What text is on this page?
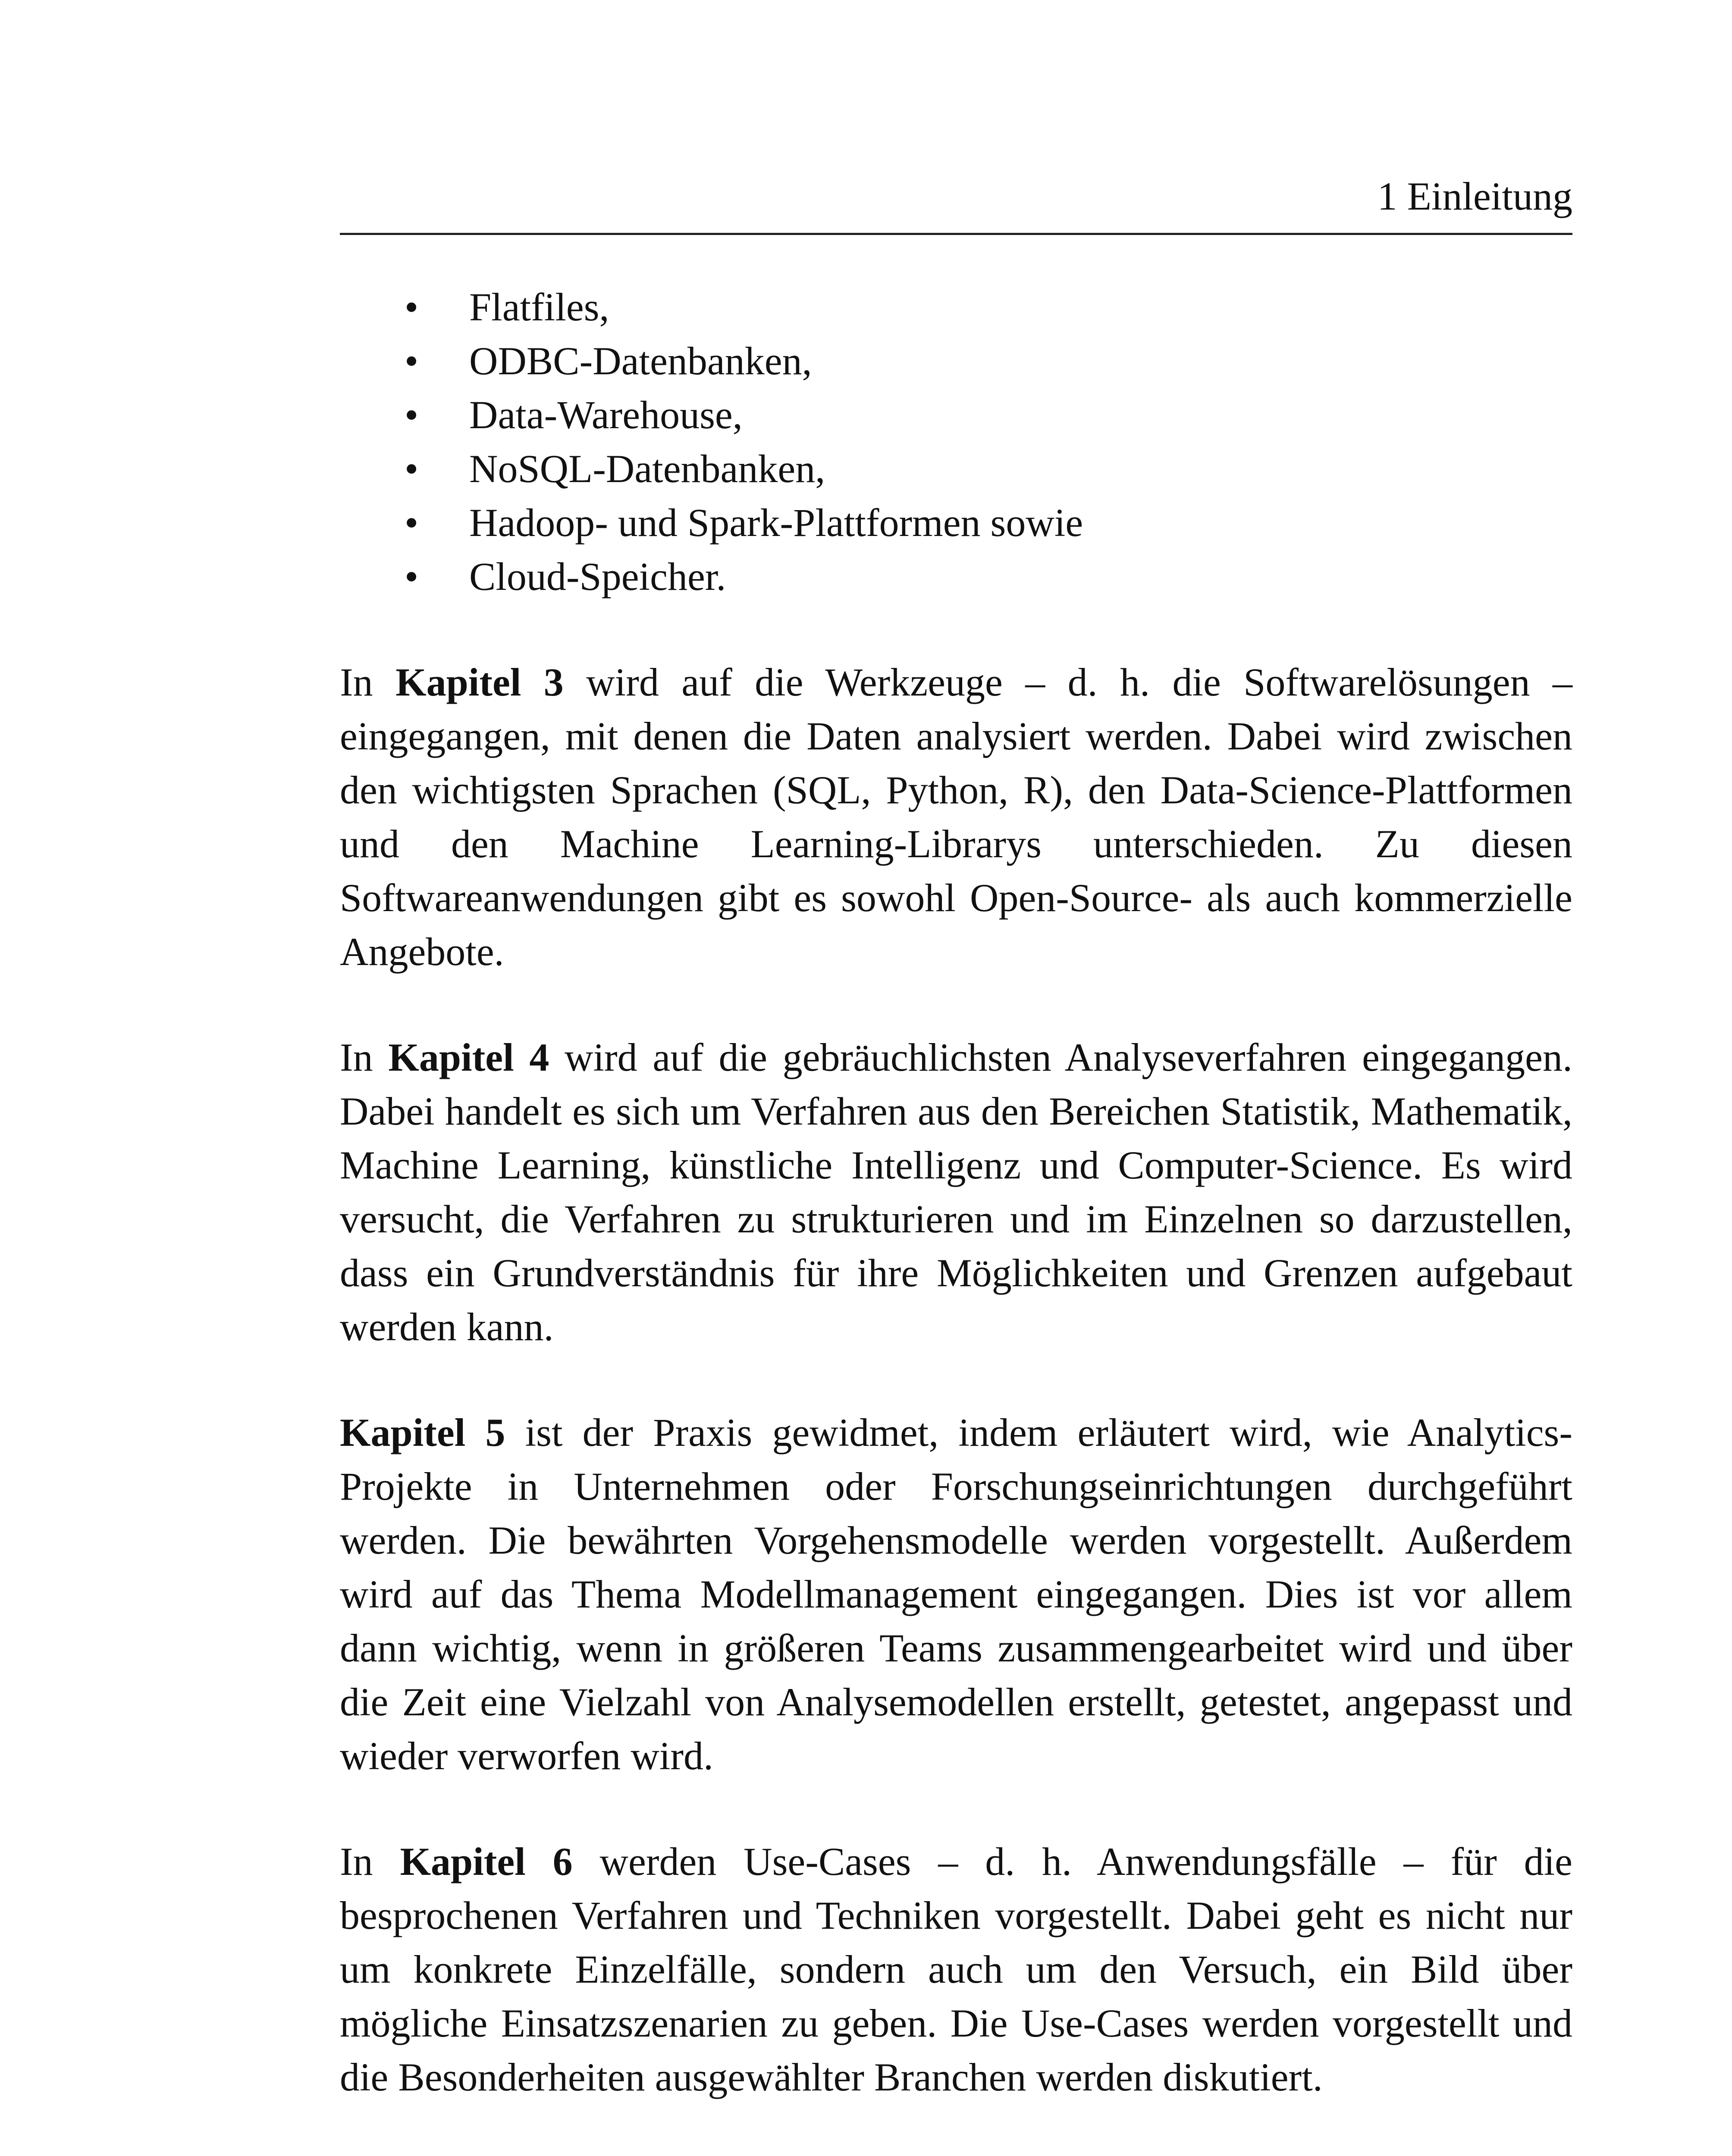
1 Einleitung
• Flatfiles,
• ODBC-Datenbanken,
• Data-Warehouse,
• NoSQL-Datenbanken,
• Hadoop- und Spark-Plattformen sowie
• Cloud-Speicher.

In Kapitel 3 wird auf die Werkzeuge – d. h. die Softwarelösungen – eingegangen, mit denen die Daten analysiert werden. Dabei wird zwischen den wichtigsten Sprachen (SQL, Python, R), den Data-Science-Plattformen und den Machine Learning-Librarys unterschieden. Zu diesen Softwareanwendungen gibt es sowohl Open-Source- als auch kommerzielle Angebote.

In Kapitel 4 wird auf die gebräuchlichsten Analyseverfahren eingegangen. Dabei handelt es sich um Verfahren aus den Bereichen Statistik, Mathematik, Machine Learning, künstliche Intelligenz und Computer-Science. Es wird versucht, die Verfahren zu strukturieren und im Einzelnen so darzustellen, dass ein Grundverständnis für ihre Möglichkeiten und Grenzen aufgebaut werden kann.

Kapitel 5 ist der Praxis gewidmet, indem erläutert wird, wie Analytics-Projekte in Unternehmen oder Forschungseinrichtungen durchgeführt werden. Die bewährten Vorgehensmodelle werden vorgestellt. Außerdem wird auf das Thema Modellmanagement eingegangen. Dies ist vor allem dann wichtig, wenn in größeren Teams zusammengearbeitet wird und über die Zeit eine Vielzahl von Analysemodellen erstellt, getestet, angepasst und wieder verworfen wird.

In Kapitel 6 werden Use-Cases – d. h. Anwendungsfälle – für die besprochenen Verfahren und Techniken vorgestellt. Dabei geht es nicht nur um konkrete Einzelfälle, sondern auch um den Versuch, ein Bild über mögliche Einsatzszenarien zu geben. Die Use-Cases werden vorgestellt und die Besonderheiten ausgewählter Branchen werden diskutiert.
